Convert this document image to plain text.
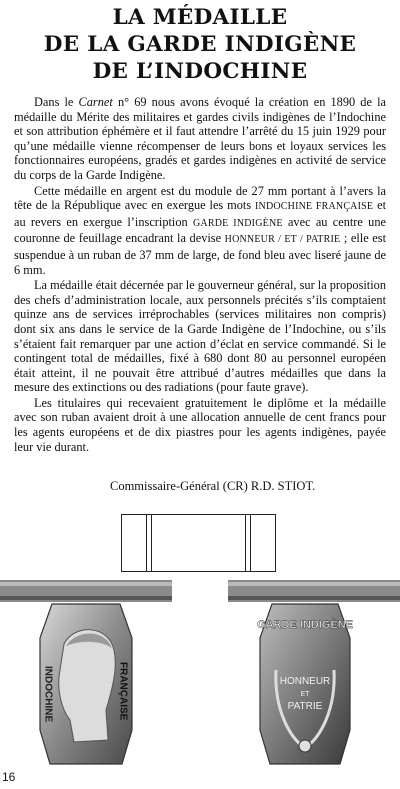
LA MÉDAILLE
DE LA GARDE INDIGÈNE
DE L’INDOCHINE

Dans le Carnet n° 69 nous avons évoqué la création en 1890 de la médaille du Mérite des militaires et gardes civils indigènes de l’Indochine et son attribution éphémère et il faut attendre l’arrêté du 15 juin 1929 pour qu’une médaille vienne récompenser de leurs bons et loyaux services les fonctionnaires européens, gradés et gardes indigènes en activité de service du corps de la Garde Indigène.

Cette médaille en argent est du module de 27 mm portant à l’avers la tête de la République avec en exergue les mots INDOCHINE FRANÇAISE et au revers en exergue l’inscription GARDE INDIGÈNE avec au centre une couronne de feuillage encadrant la devise HONNEUR / ET / PATRIE ; elle est suspendue à un ruban de 37 mm de large, de fond bleu avec liseré jaune de 6 mm.

La médaille était décernée par le gouverneur général, sur la proposition des chefs d’administration locale, aux personnels précités s’ils comptaient quinze ans de services irréprochables (services militaires non compris) dont six ans dans le service de la Garde Indigène de l’Indochine, ou s’ils s’étaient fait remarquer par une action d’éclat en service commandé. Si le contingent total de médailles, fixé à 680 dont 80 au personnel européen était atteint, il ne pouvait être attribué d’autres médailles que dans la mesure des extinctions ou des radiations (pour faute grave).

Les titulaires qui recevaient gratuitement le diplôme et la médaille avec son ruban avaient droit à une allocation annuelle de cent francs pour les agents européens et de dix piastres pour les agents indigènes, payée leur vie durant.

Commissaire-Général (CR) R.D. STIOT.
INDOCHINE	FRANÇAISE
GARDE INDIGÈNE
HONNEUR
ET
PATRIE
16
